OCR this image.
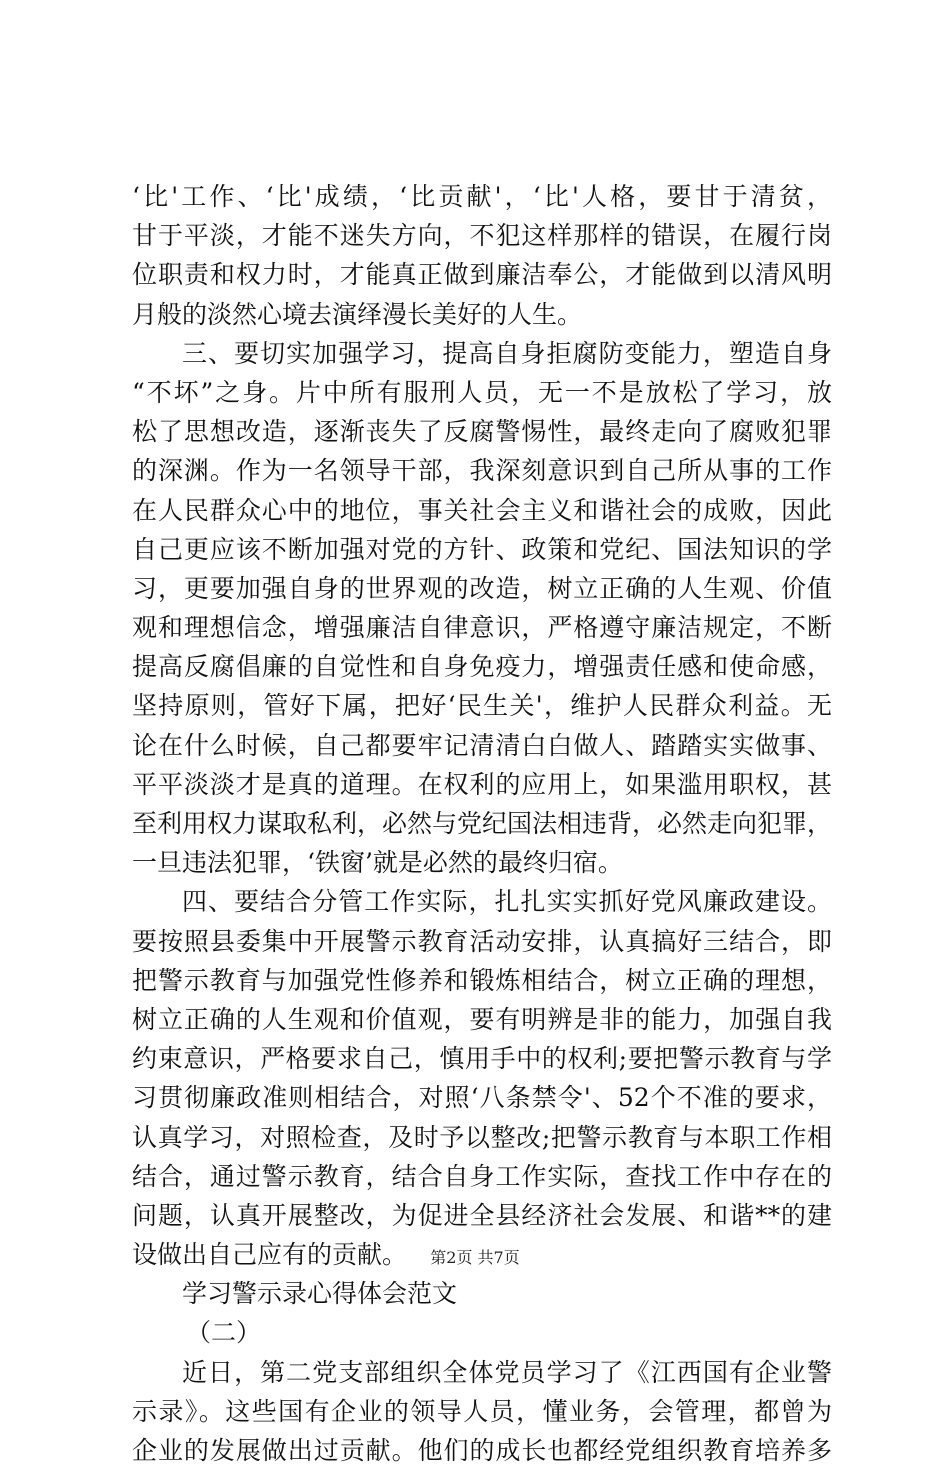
‘比'工作、‘比'成绩，‘比贡献'，‘比'人格，要甘于清贫，
甘于平淡，才能不迷失方向，不犯这样那样的错误，在履行岗
位职责和权力时，才能真正做到廉洁奉公，才能做到以清风明
月般的淡然心境去演绎漫长美好的人生。
三、要切实加强学习，提高自身拒腐防变能力，塑造自身
“不坏”之身。片中所有服刑人员，无一不是放松了学习，放
松了思想改造，逐渐丧失了反腐警惕性，最终走向了腐败犯罪
的深渊。作为一名领导干部，我深刻意识到自己所从事的工作
在人民群众心中的地位，事关社会主义和谐社会的成败，因此
自己更应该不断加强对党的方针、政策和党纪、国法知识的学
习，更要加强自身的世界观的改造，树立正确的人生观、价值
观和理想信念，增强廉洁自律意识，严格遵守廉洁规定，不断
提高反腐倡廉的自觉性和自身免疫力，增强责任感和使命感，
坚持原则，管好下属，把好‘民生关'，维护人民群众利益。无
论在什么时候，自己都要牢记清清白白做人、踏踏实实做事、
平平淡淡才是真的道理。在权利的应用上，如果滥用职权，甚
至利用权力谋取私利，必然与党纪国法相违背，必然走向犯罪，
一旦违法犯罪，‘铁窗’就是必然的最终归宿。
四、要结合分管工作实际，扎扎实实抓好党风廉政建设。
要按照县委集中开展警示教育活动安排，认真搞好三结合，即
把警示教育与加强党性修养和锻炼相结合，树立正确的理想，
树立正确的人生观和价值观，要有明辨是非的能力，加强自我
约束意识，严格要求自己，慎用手中的权利;要把警示教育与学
习贯彻廉政准则相结合，对照‘八条禁令'、52个不准的要求，
认真学习，对照检查，及时予以整改;把警示教育与本职工作相
结合，通过警示教育，结合自身工作实际，查找工作中存在的
问题，认真开展整改，为促进全县经济社会发展、和谐**的建
设做出自己应有的贡献。
学习警示录心得体会范文
（二）
近日，第二党支部组织全体党员学习了《江西国有企业警
示录》。这些国有企业的领导人员，懂业务，会管理，都曾为
企业的发展做出过贡献。他们的成长也都经党组织教育培养多
第2页 共7页
